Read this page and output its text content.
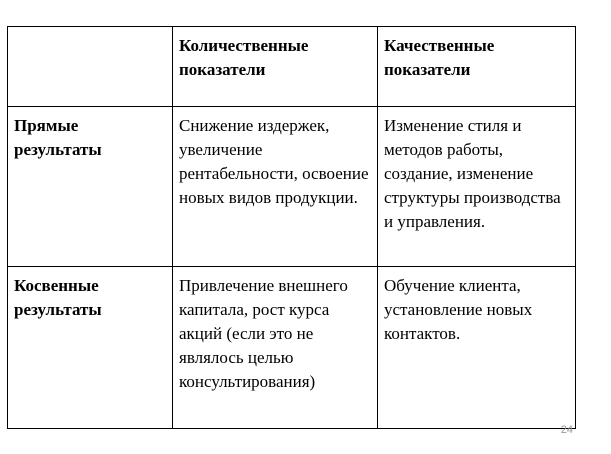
	Количественные показатели	Качественные показатели
Прямые результаты	Снижение издержек, увеличение рентабельности, освоение новых видов продукции.	Изменение стиля и методов работы, создание, изменение структуры производства и управления.
Косвенные результаты	Привлечение внешнего капитала, рост курса акций (если это не являлось целью консультирования)	Обучение клиента, установление новых контактов.
24
